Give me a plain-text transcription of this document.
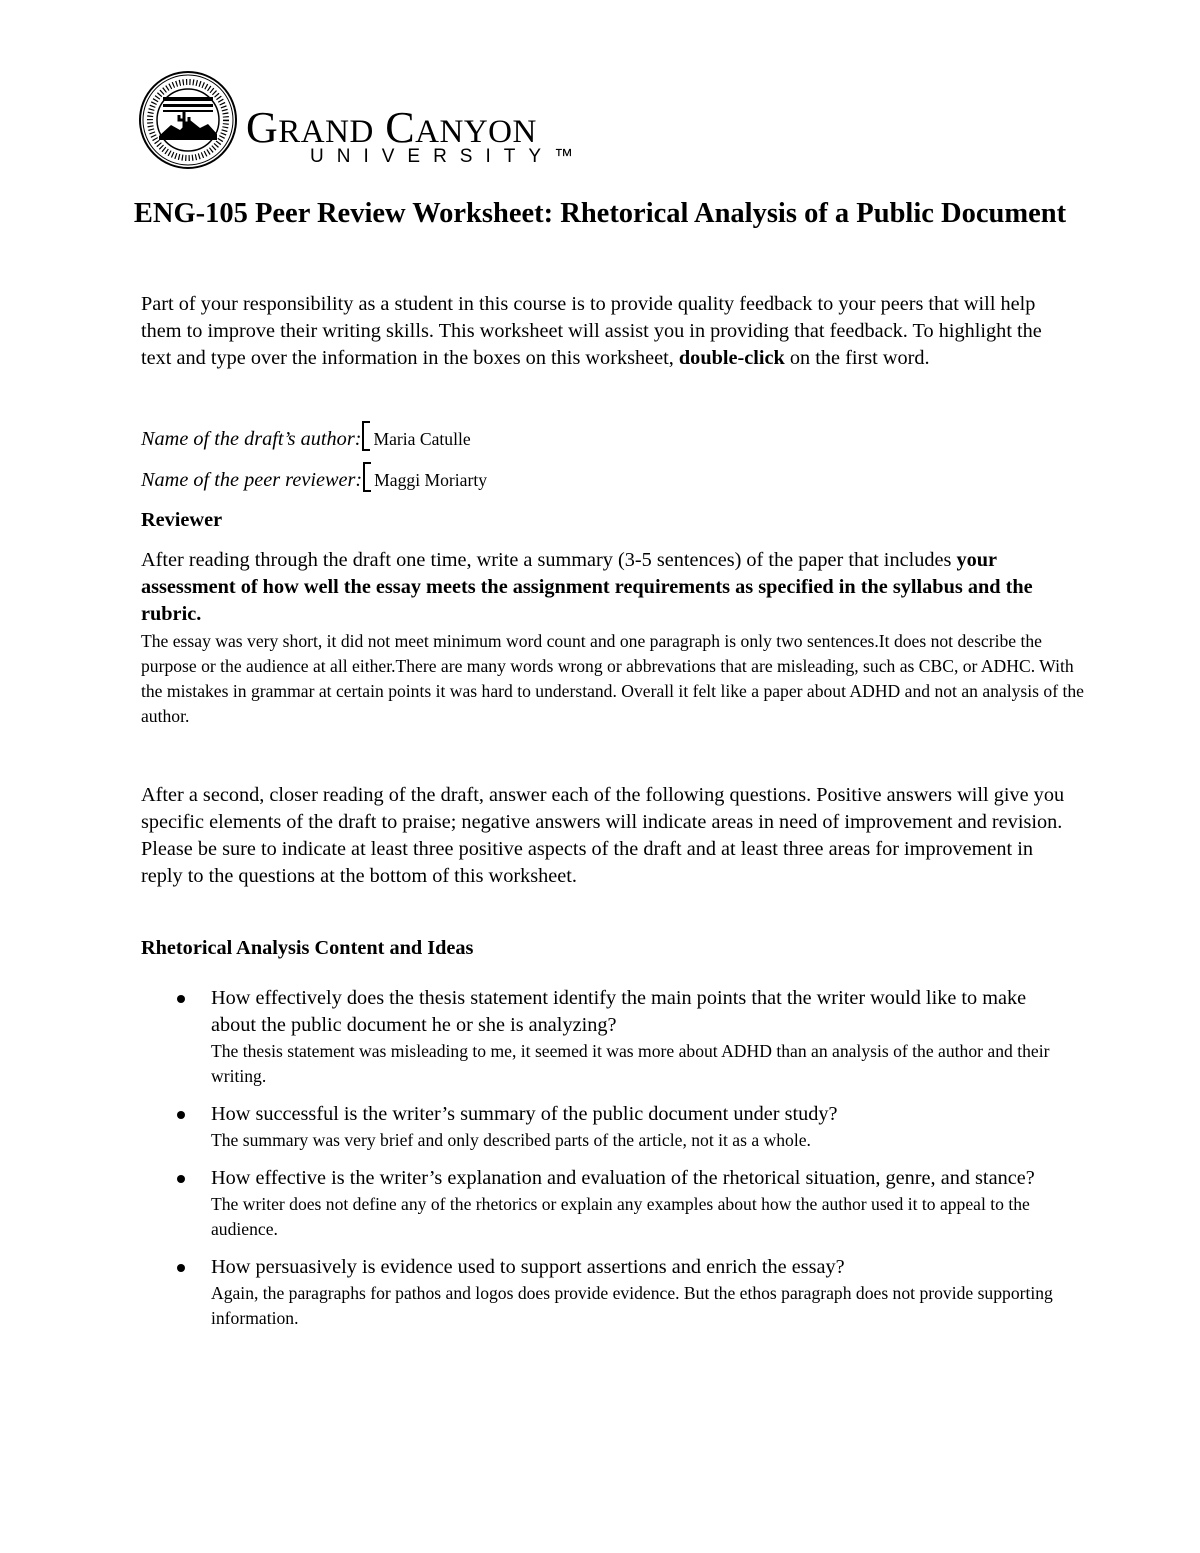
GRAND CANYON
UNIVERSITY™
ENG-105 Peer Review Worksheet: Rhetorical Analysis of a Public Document

Part of your responsibility as a student in this course is to provide quality feedback to your peers that will help them to improve their writing skills. This worksheet will assist you in providing that feedback. To highlight the text and type over the information in the boxes on this worksheet, double-click on the first word.

Name of the draft’s author: Maria Catulle

Name of the peer reviewer: Maggi Moriarty

Reviewer

After reading through the draft one time, write a summary (3-5 sentences) of the paper that includes your assessment of how well the essay meets the assignment requirements as specified in the syllabus and the rubric.

The essay was very short, it did not meet minimum word count and one paragraph is only two sentences.It does not describe the purpose or the audience at all either.There are many words wrong or abbrevations that are misleading, such as CBC, or ADHC. With the mistakes in grammar at certain points it was hard to understand. Overall it felt like a paper about ADHD and not an analysis of the author.

After a second, closer reading of the draft, answer each of the following questions. Positive answers will give you specific elements of the draft to praise; negative answers will indicate areas in need of improvement and revision. Please be sure to indicate at least three positive aspects of the draft and at least three areas for improvement in reply to the questions at the bottom of this worksheet.

Rhetorical Analysis Content and Ideas

How effectively does the thesis statement identify the main points that the writer would like to make about the public document he or she is analyzing?

The thesis statement was misleading to me, it seemed it was more about ADHD than an analysis of the author and their writing.

How successful is the writer’s summary of the public document under study?

The summary was very brief and only described parts of the article, not it as a whole.

How effective is the writer’s explanation and evaluation of the rhetorical situation, genre, and stance?

The writer does not define any of the rhetorics or explain any examples about how the author used it to appeal to the audience.

How persuasively is evidence used to support assertions and enrich the essay?

Again, the paragraphs for pathos and logos does provide evidence. But the ethos paragraph does not provide supporting information.
